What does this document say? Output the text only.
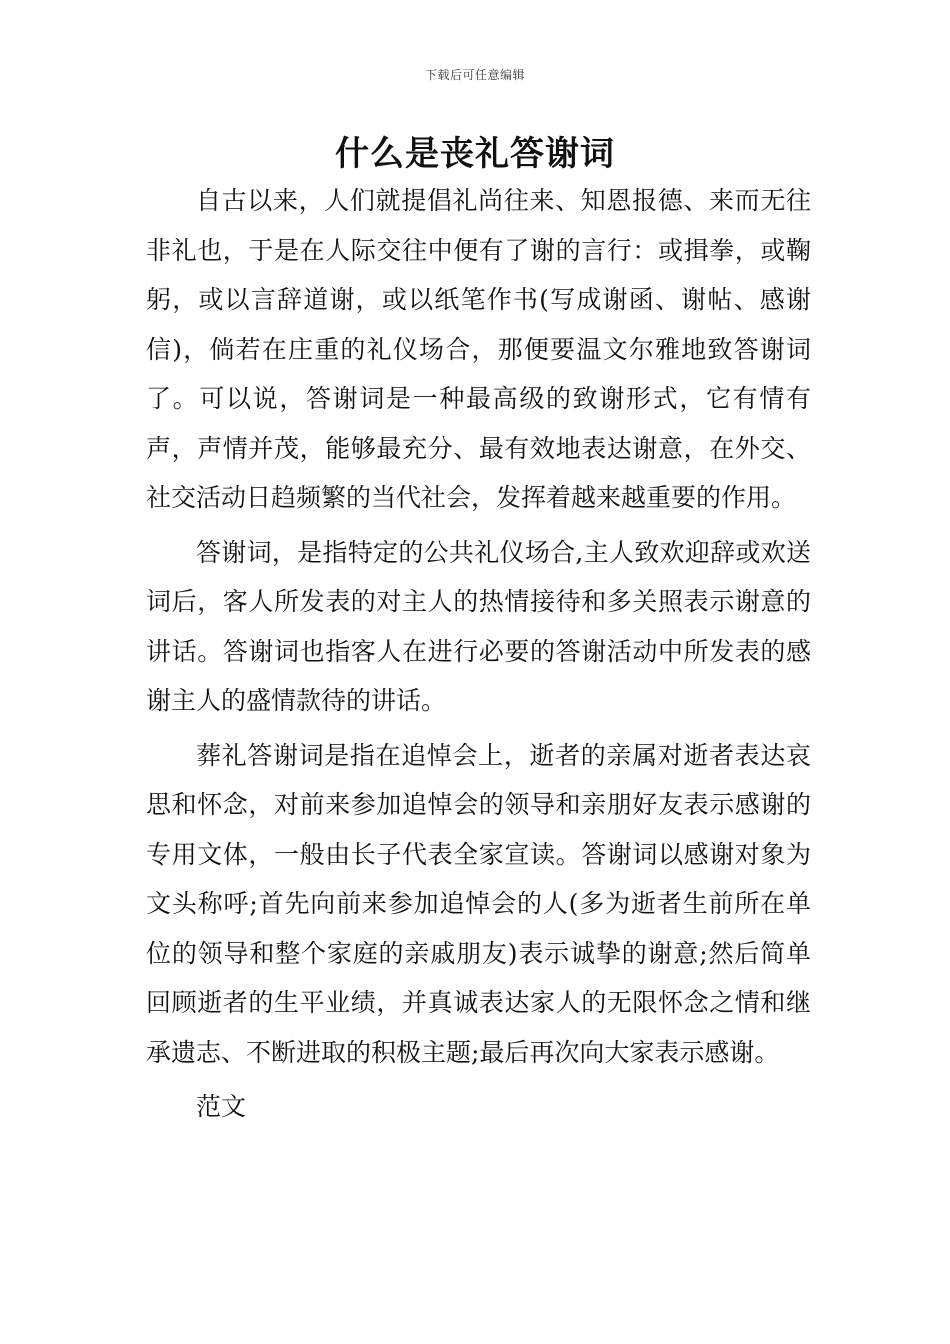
下载后可任意编辑
什么是丧礼答谢词

自古以来，人们就提倡礼尚往来、知恩报德、来而无往非礼也，于是在人际交往中便有了谢的言行：或揖拳，或鞠躬，或以言辞道谢，或以纸笔作书(写成谢函、谢帖、感谢信)，倘若在庄重的礼仪场合，那便要温文尔雅地致答谢词了。可以说，答谢词是一种最高级的致谢形式，它有情有声，声情并茂，能够最充分、最有效地表达谢意，在外交、社交活动日趋频繁的当代社会，发挥着越来越重要的作用。

答谢词，是指特定的公共礼仪场合,主人致欢迎辞或欢送词后，客人所发表的对主人的热情接待和多关照表示谢意的讲话。答谢词也指客人在进行必要的答谢活动中所发表的感谢主人的盛情款待的讲话。

葬礼答谢词是指在追悼会上，逝者的亲属对逝者表达哀思和怀念，对前来参加追悼会的领导和亲朋好友表示感谢的专用文体，一般由长子代表全家宣读。答谢词以感谢对象为文头称呼;首先向前来参加追悼会的人(多为逝者生前所在单位的领导和整个家庭的亲戚朋友)表示诚挚的谢意;然后简单回顾逝者的生平业绩，并真诚表达家人的无限怀念之情和继承遗志、不断进取的积极主题;最后再次向大家表示感谢。

范文
